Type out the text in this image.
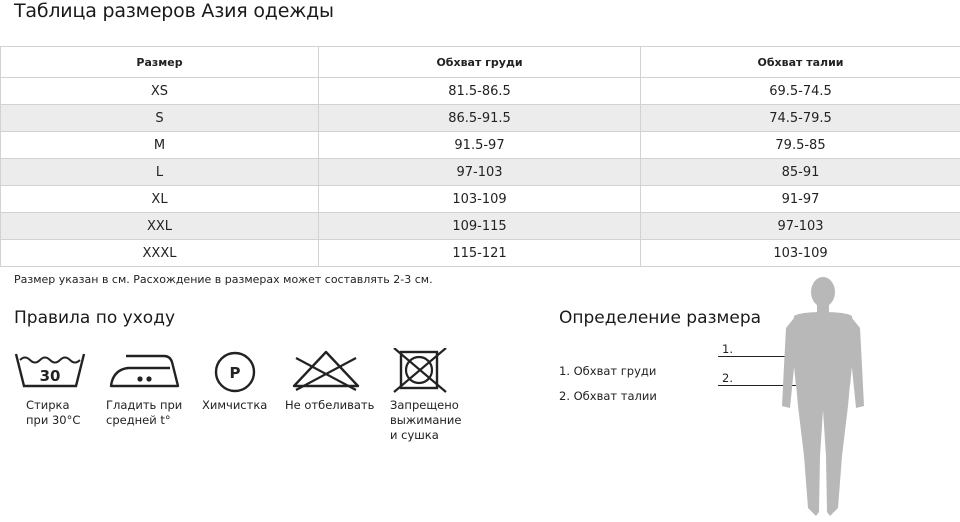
Таблица размеров Азия одежды
Размер	Обхват груди	Обхват талии
XS	81.5-86.5	69.5-74.5
S	86.5-91.5	74.5-79.5
M	91.5-97	79.5-85
L	97-103	85-91
XL	103-109	91-97
XXL	109-115	97-103
XXXL	115-121	103-109
Размер указан в см. Расхождение в размерах может составлять 2-3 см.
Правила по уходу
30
Стирка
при 30°C
Гладить при
средней t°
P
Химчистка Не отбеливать Запрещено
выжимание
и сушка
Определение размера
1. Обхват груди
2. Обхват талии
1.
2.
